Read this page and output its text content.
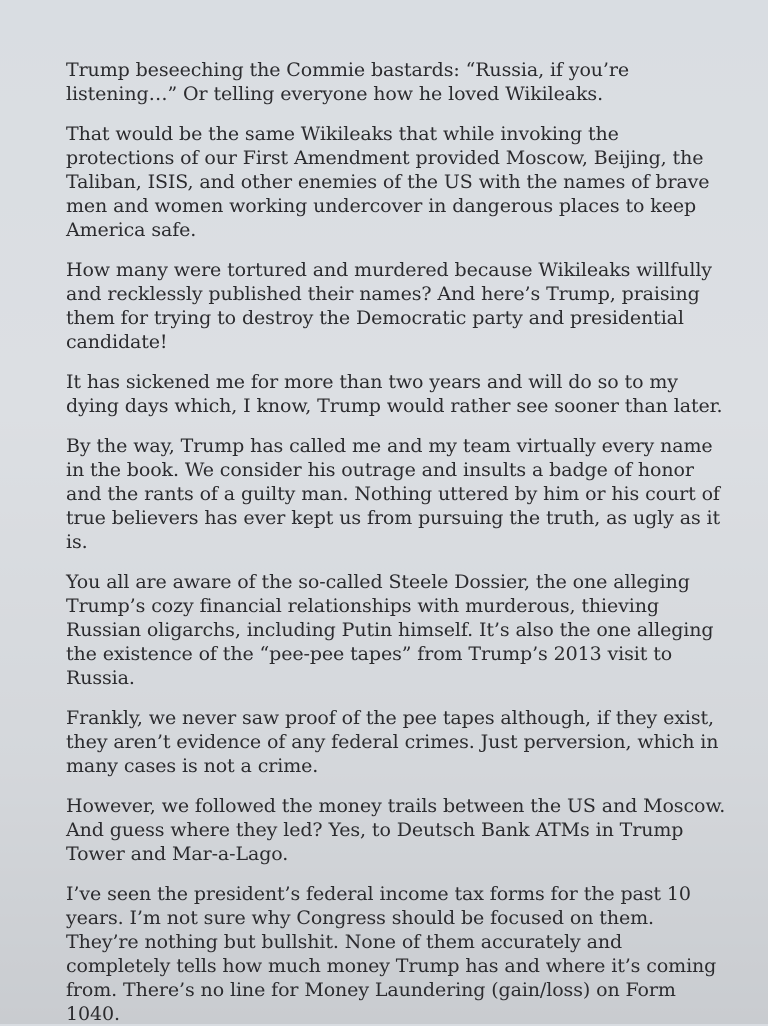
Trump beseeching the Commie bastards: “Russia, if you’re listening…” Or telling everyone how he loved Wikileaks.

That would be the same Wikileaks that while invoking the protections of our First Amendment provided Moscow, Beijing, the Taliban, ISIS, and other enemies of the US with the names of brave men and women working undercover in dangerous places to keep America safe.

How many were tortured and murdered because Wikileaks willfully and recklessly published their names? And here’s Trump, praising them for trying to destroy the Democratic party and presidential candidate!

It has sickened me for more than two years and will do so to my dying days which, I know, Trump would rather see sooner than later.

By the way, Trump has called me and my team virtually every name in the book. We consider his outrage and insults a badge of honor and the rants of a guilty man. Nothing uttered by him or his court of true believers has ever kept us from pursuing the truth, as ugly as it is.

You all are aware of the so-called Steele Dossier, the one alleging Trump’s cozy financial relationships with murderous, thieving Russian oligarchs, including Putin himself. It’s also the one alleging the existence of the “pee-pee tapes” from Trump’s 2013 visit to Russia.

Frankly, we never saw proof of the pee tapes although, if they exist, they aren’t evidence of any federal crimes. Just perversion, which in many cases is not a crime.

However, we followed the money trails between the US and Moscow. And guess where they led? Yes, to Deutsch Bank ATMs in Trump Tower and Mar-a-Lago.

I’ve seen the president’s federal income tax forms for the past 10 years. I’m not sure why Congress should be focused on them. They’re nothing but bullshit. None of them accurately and completely tells how much money Trump has and where it’s coming from. There’s no line for Money Laundering (gain/loss) on Form 1040.
